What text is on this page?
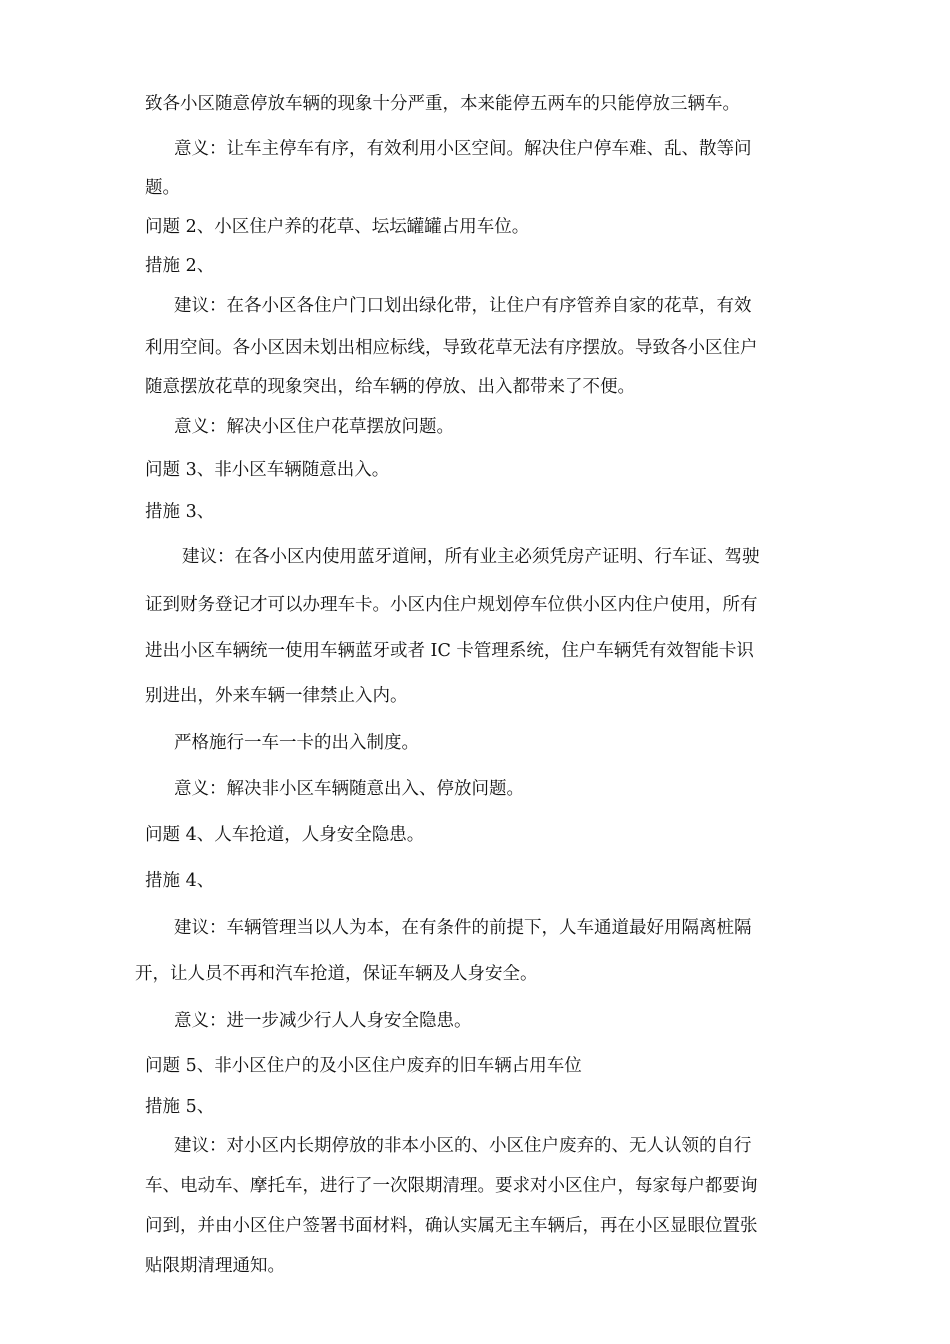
致各小区随意停放车辆的现象十分严重，本来能停五两车的只能停放三辆车。
意义：让车主停车有序，有效利用小区空间。解决住户停车难、乱、散等问
题。
问题 2、小区住户养的花草、坛坛罐罐占用车位。
措施 2、
建议：在各小区各住户门口划出绿化带，让住户有序管养自家的花草，有效
利用空间。各小区因未划出相应标线，导致花草无法有序摆放。导致各小区住户
随意摆放花草的现象突出，给车辆的停放、出入都带来了不便。
意义：解决小区住户花草摆放问题。
问题 3、非小区车辆随意出入。
措施 3、
建议：在各小区内使用蓝牙道闸，所有业主必须凭房产证明、行车证、驾驶
证到财务登记才可以办理车卡。小区内住户规划停车位供小区内住户使用，所有
进出小区车辆统一使用车辆蓝牙或者 IC 卡管理系统，住户车辆凭有效智能卡识
别进出，外来车辆一律禁止入内。
严格施行一车一卡的出入制度。
意义：解决非小区车辆随意出入、停放问题。
问题 4、人车抢道，人身安全隐患。
措施 4、
建议：车辆管理当以人为本，在有条件的前提下，人车通道最好用隔离桩隔
开，让人员不再和汽车抢道，保证车辆及人身安全。
意义：进一步减少行人人身安全隐患。
问题 5、非小区住户的及小区住户废弃的旧车辆占用车位
措施 5、
建议：对小区内长期停放的非本小区的、小区住户废弃的、无人认领的自行
车、电动车、摩托车，进行了一次限期清理。要求对小区住户，每家每户都要询
问到，并由小区住户签署书面材料，确认实属无主车辆后，再在小区显眼位置张
贴限期清理通知。
